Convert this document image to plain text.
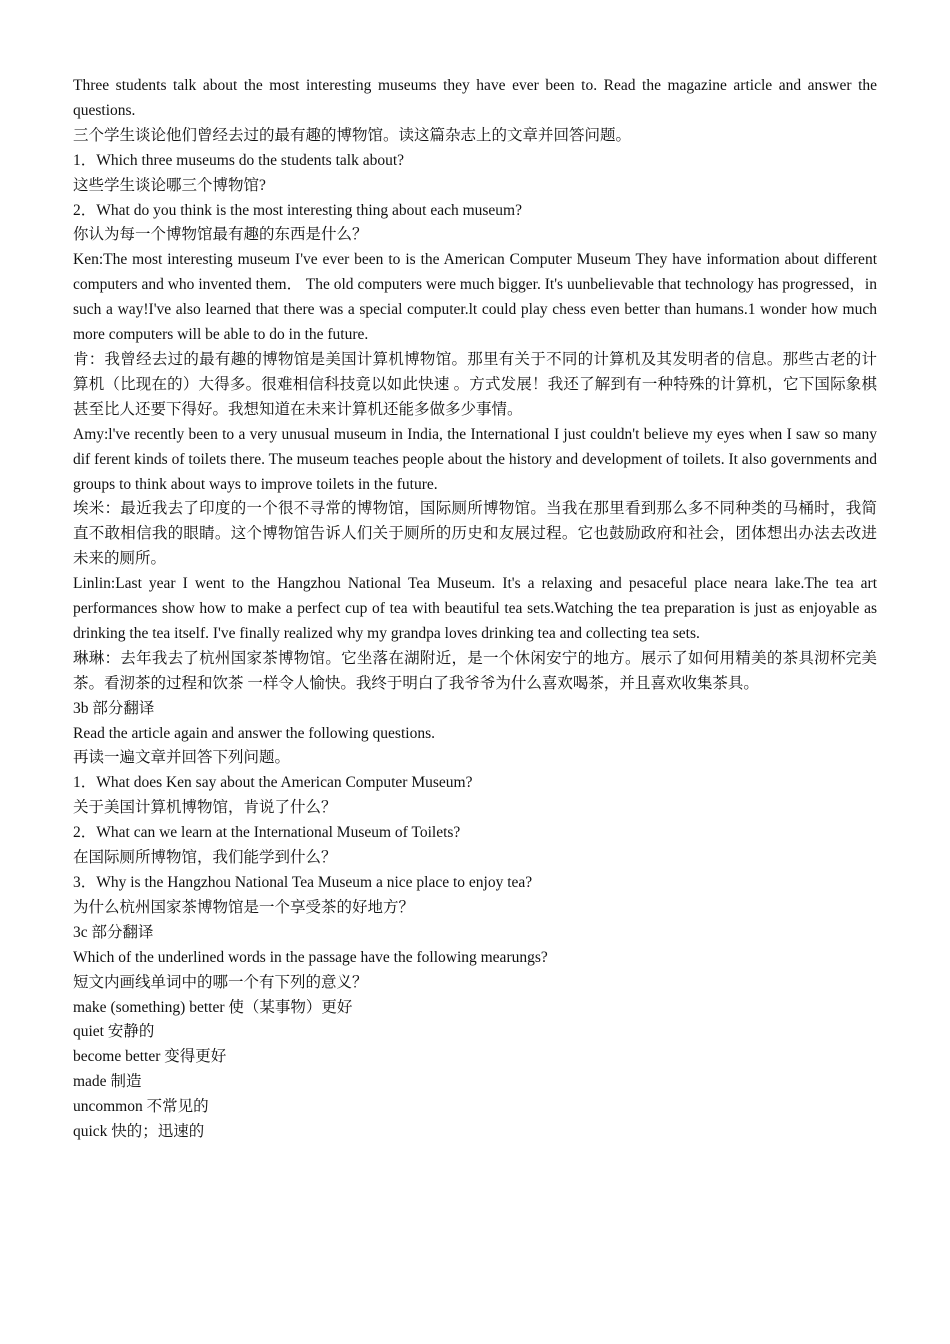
Three students talk about the most interesting museums they have ever been to. Read the magazine article and answer the questions.

三个学生谈论他们曾经去过的最有趣的博物馆。读这篇杂志上的文章并回答问题。

1．Which three museums do the students talk about?

这些学生谈论哪三个博物馆?

2．What do you think is the most interesting thing about each museum?

你认为每一个博物馆最有趣的东西是什么？

Ken:The most interesting museum I've ever been to is the American Computer Museum They have information about different computers and who invented them． The old computers were much bigger. It's uunbelievable that technology has progressed，in such a way!I've also learned that there was a special computer.lt could play chess even better than humans.1 wonder how much more computers will be able to do in the future.

肯：我曾经去过的最有趣的博物馆是美国计算机博物馆。那里有关于不同的计算机及其发明者的信息。那些古老的计算机（比现在的）大得多。很难相信科技竟以如此快速 。方式发展！我还了解到有一种特殊的计算机，它下国际象棋甚至比人还要下得好。我想知道在未来计算机还能多做多少事情。

Amy:l've recently been to a very unusual museum in India, the International I just couldn't believe my eyes when I saw so many dif ferent kinds of toilets there. The museum teaches people about the history and development of toilets. It also governments and groups to think about ways to improve toilets in the future.

埃米：最近我去了印度的一个很不寻常的博物馆，国际厕所博物馆。当我在那里看到那么多不同种类的马桶时，我简直不敢相信我的眼睛。这个博物馆告诉人们关于厕所的历史和友展过程。它也鼓励政府和社会，团体想出办法去改进未来的厕所。

Linlin:Last year I went to the Hangzhou National Tea Museum. It's a relaxing and pesaceful place neara lake.The tea art performances show how to make a perfect cup of tea with beautiful tea sets.Watching the tea preparation is just as enjoyable as drinking the tea itself. I've finally realized why my grandpa loves drinking tea and collecting tea sets.

琳琳：去年我去了杭州国家茶博物馆。它坐落在湖附近，是一个休闲安宁的地方。展示了如何用精美的茶具沏杯完美茶。看沏茶的过程和饮茶 一样令人愉快。我终于明白了我爷爷为什么喜欢喝茶，并且喜欢收集茶具。

3b 部分翻译

Read the article again and answer the following questions.

再读一遍文章并回答下列问题。

1．What does Ken say about the American Computer Museum?

关于美国计算机博物馆，肯说了什么？

2．What can we learn at the International Museum of Toilets?

在国际厕所博物馆，我们能学到什么？

3．Why is the Hangzhou National Tea Museum a nice place to enjoy tea?

为什么杭州国家茶博物馆是一个享受茶的好地方？

3c 部分翻译

Which of the underlined words in the passage have the following mearungs?

短文内画线单词中的哪一个有下列的意义？

make (something) better 使（某事物）更好

quiet 安静的

become better 变得更好

made 制造

uncommon 不常见的

quick 快的；迅速的
